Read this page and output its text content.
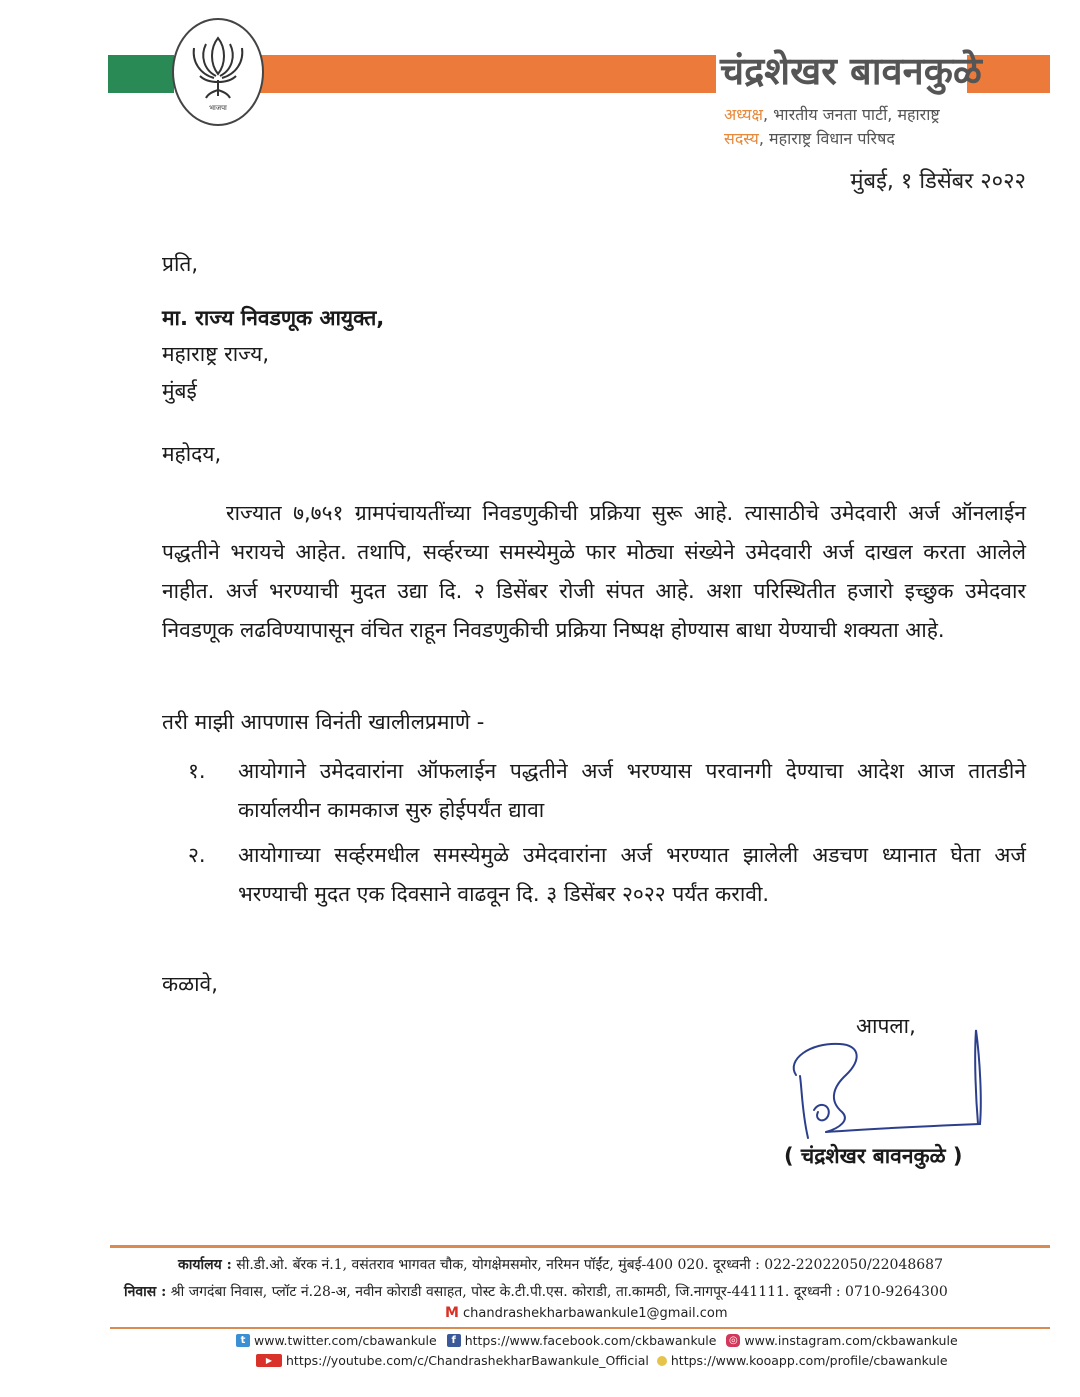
भाजपा
चंद्रशेखर बावनकुळे
अध्यक्ष, भारतीय जनता पार्टी, महाराष्ट्र
सदस्य, महाराष्ट्र विधान परिषद
मुंबई, १ डिसेंबर २०२२
प्रति,
मा. राज्य निवडणूक आयुक्त,
महाराष्ट्र राज्य,
मुंबई
महोदय,
राज्यात ७,७५१ ग्रामपंचायतींच्या निवडणुकीची प्रक्रिया सुरू आहे. त्यासाठीचे उमेदवारी अर्ज ऑनलाईन पद्धतीने भरायचे आहेत. तथापि, सर्व्हरच्या समस्येमुळे फार मोठ्या संख्येने उमेदवारी अर्ज दाखल करता आलेले नाहीत. अर्ज भरण्याची मुदत उद्या दि. २ डिसेंबर रोजी संपत आहे. अशा परिस्थितीत हजारो इच्छुक उमेदवार निवडणूक लढविण्यापासून वंचित राहून निवडणुकीची प्रक्रिया निष्पक्ष होण्यास बाधा येण्याची शक्यता आहे.
तरी माझी आपणास विनंती खालीलप्रमाणे -
१. आयोगाने उमेदवारांना ऑफलाईन पद्धतीने अर्ज भरण्यास परवानगी देण्याचा आदेश आज तातडीने कार्यालयीन कामकाज सुरु होईपर्यंत द्यावा
२. आयोगाच्या सर्व्हरमधील समस्येमुळे उमेदवारांना अर्ज भरण्यात झालेली अडचण ध्यानात घेता अर्ज भरण्याची मुदत एक दिवसाने वाढवून दि. ३ डिसेंबर २०२२ पर्यंत करावी.
कळावे,
आपला,
( चंद्रशेखर बावनकुळे )
कार्यालय : सी.डी.ओ. बॅरक नं.1, वसंतराव भागवत चौक, योगक्षेमसमोर, नरिमन पॉईंट, मुंबई-400 020. दूरध्वनी : 022-22022050/22048687
निवास : श्री जगदंबा निवास, प्लॉट नं.28-अ, नवीन कोराडी वसाहत, पोस्ट के.टी.पी.एस. कोराडी, ता.कामठी, जि.नागपूर-441111. दूरध्वनी : 0710-9264300
M chandrashekharbawankule1@gmail.com
t www.twitter.com/cbawankule	f https://www.facebook.com/ckbawankule ◎ www.instagram.com/ckbawankule
▶	https://youtube.com/c/ChandrashekharBawankule_Official https://www.kooapp.com/profile/cbawankule
